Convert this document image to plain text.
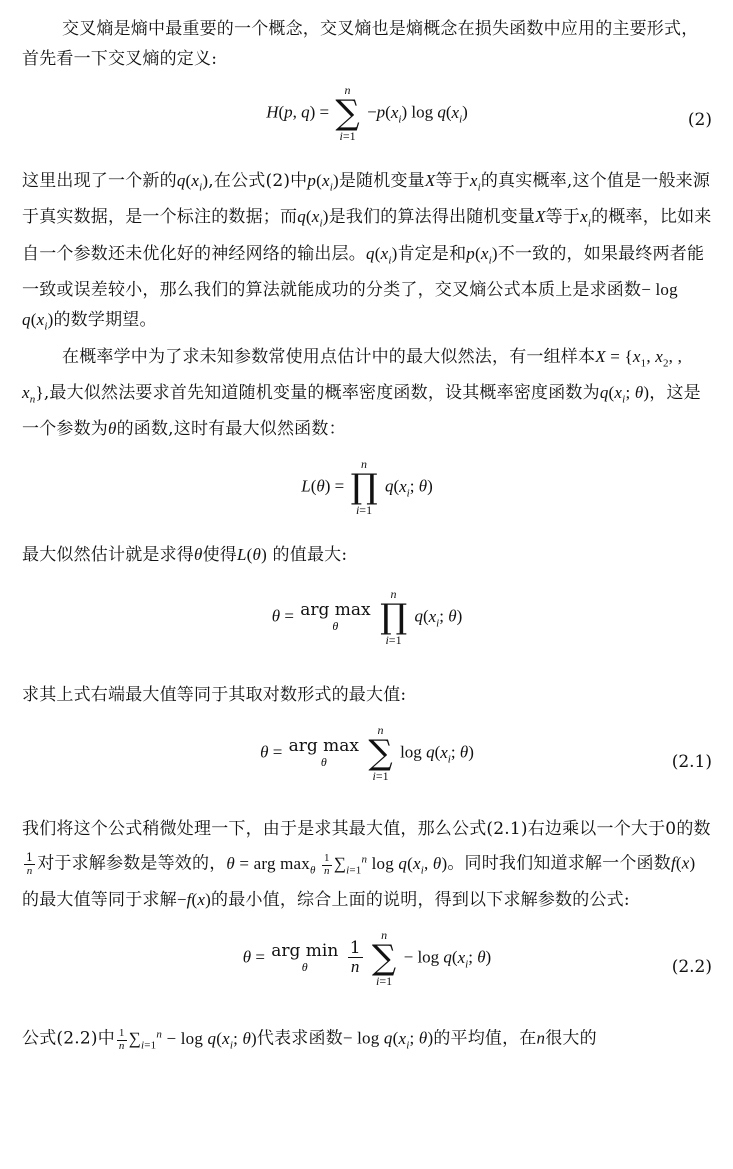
交叉熵是熵中最重要的一个概念，交叉熵也是熵概念在损失函数中应用的主要形式，首先看一下交叉熵的定义:

H(p, q) =
n
∑
i=1
$-p(x_i)$ $\log q(x_i)$	(2)

这里出现了一个新的$q(x_i)$,在公式(2)中$p(x_i)$是随机变量X等于$x_i$的真实概率,这个值是一般来源于真实数据，是一个标注的数据；而$q(x_i)$是我们的算法得出随机变量X等于$x_i$的概率，比如来自一个参数还未优化好的神经网络的输出层。$q(x_i)$肯定是和$p(x_i)$不一致的，如果最终两者能一致或误差较小，那么我们的算法就能成功的分类了，交叉熵公式本质上是求函数− $\log q(x_i)$的数学期望。

在概率学中为了求未知参数常使用点估计中的最大似然法，有一组样本$X = \{x_1$, $x_2$, , $x_n$},最大似然法要求首先知道随机变量的概率密度函数，设其概率密度函数为$q(x_i$; θ)，这是一个参数为θ的函数,这时有最大似然函数：

L(θ) =
n
∏
i=1
$q(x_i$; θ)

最大似然估计就是求得θ使得L(θ) 的值最大:

θ = arg max
θ

n
∏
i=1
$q(x_i$; θ)

求其上式右端最大值等同于其取对数形式的最大值:

θ = arg max
θ

n
∑
i=1
$\log q(x_i$; θ)	(2.1)

我们将这个公式稍微处理一下，由于是求其最大值，那么公式(2.1)右边乘以一个大于0的数
$\frac{1}{n}$ 对于求解参数是等效的，θ = arg $\max_\theta \frac{1}{n} \sum_{i=1}^n$ $\log q(x_i$, θ)。同时我们知道求解一个函数f(x)的最大值等同于求解−f(x)的最小值，综合上面的说明，得到以下求解参数的公式:

θ = arg min
θ
$\frac{1}{n}$

n
∑
i=1
− $\log q(x_i$; θ)	(2.2)

公式(2.2)中 $\frac{1}{n} \sum_{i=1}^n - \log q(x_i$; θ)代表求函数− $\log q(x_i$; θ)的平均值，在n很大的
